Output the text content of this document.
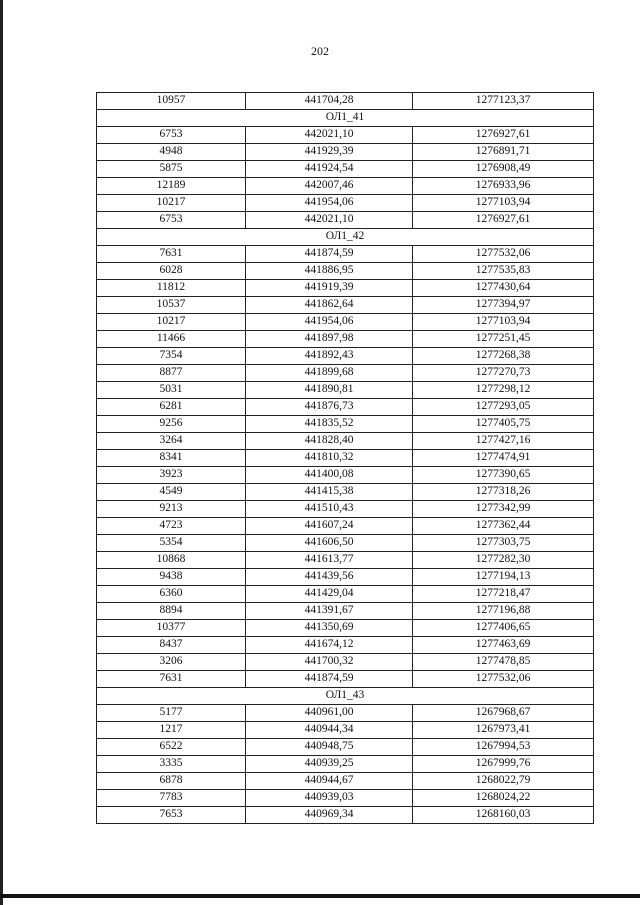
202
10957	441704,28	1277123,37
ОЛ1_41		
6753	442021,10	1276927,61
4948	441929,39	1276891,71
5875	441924,54	1276908,49
12189	442007,46	1276933,96
10217	441954,06	1277103,94
6753	442021,10	1276927,61
ОЛ1_42		
7631	441874,59	1277532,06
6028	441886,95	1277535,83
11812	441919,39	1277430,64
10537	441862,64	1277394,97
10217	441954,06	1277103,94
11466	441897,98	1277251,45
7354	441892,43	1277268,38
8877	441899,68	1277270,73
5031	441890,81	1277298,12
6281	441876,73	1277293,05
9256	441835,52	1277405,75
3264	441828,40	1277427,16
8341	441810,32	1277474,91
3923	441400,08	1277390,65
4549	441415,38	1277318,26
9213	441510,43	1277342,99
4723	441607,24	1277362,44
5354	441606,50	1277303,75
10868	441613,77	1277282,30
9438	441439,56	1277194,13
6360	441429,04	1277218,47
8894	441391,67	1277196,88
10377	441350,69	1277406,65
8437	441674,12	1277463,69
3206	441700,32	1277478,85
7631	441874,59	1277532,06
ОЛ1_43		
5177	440961,00	1267968,67
1217	440944,34	1267973,41
6522	440948,75	1267994,53
3335	440939,25	1267999,76
6878	440944,67	1268022,79
7783	440939,03	1268024,22
7653	440969,34	1268160,03
